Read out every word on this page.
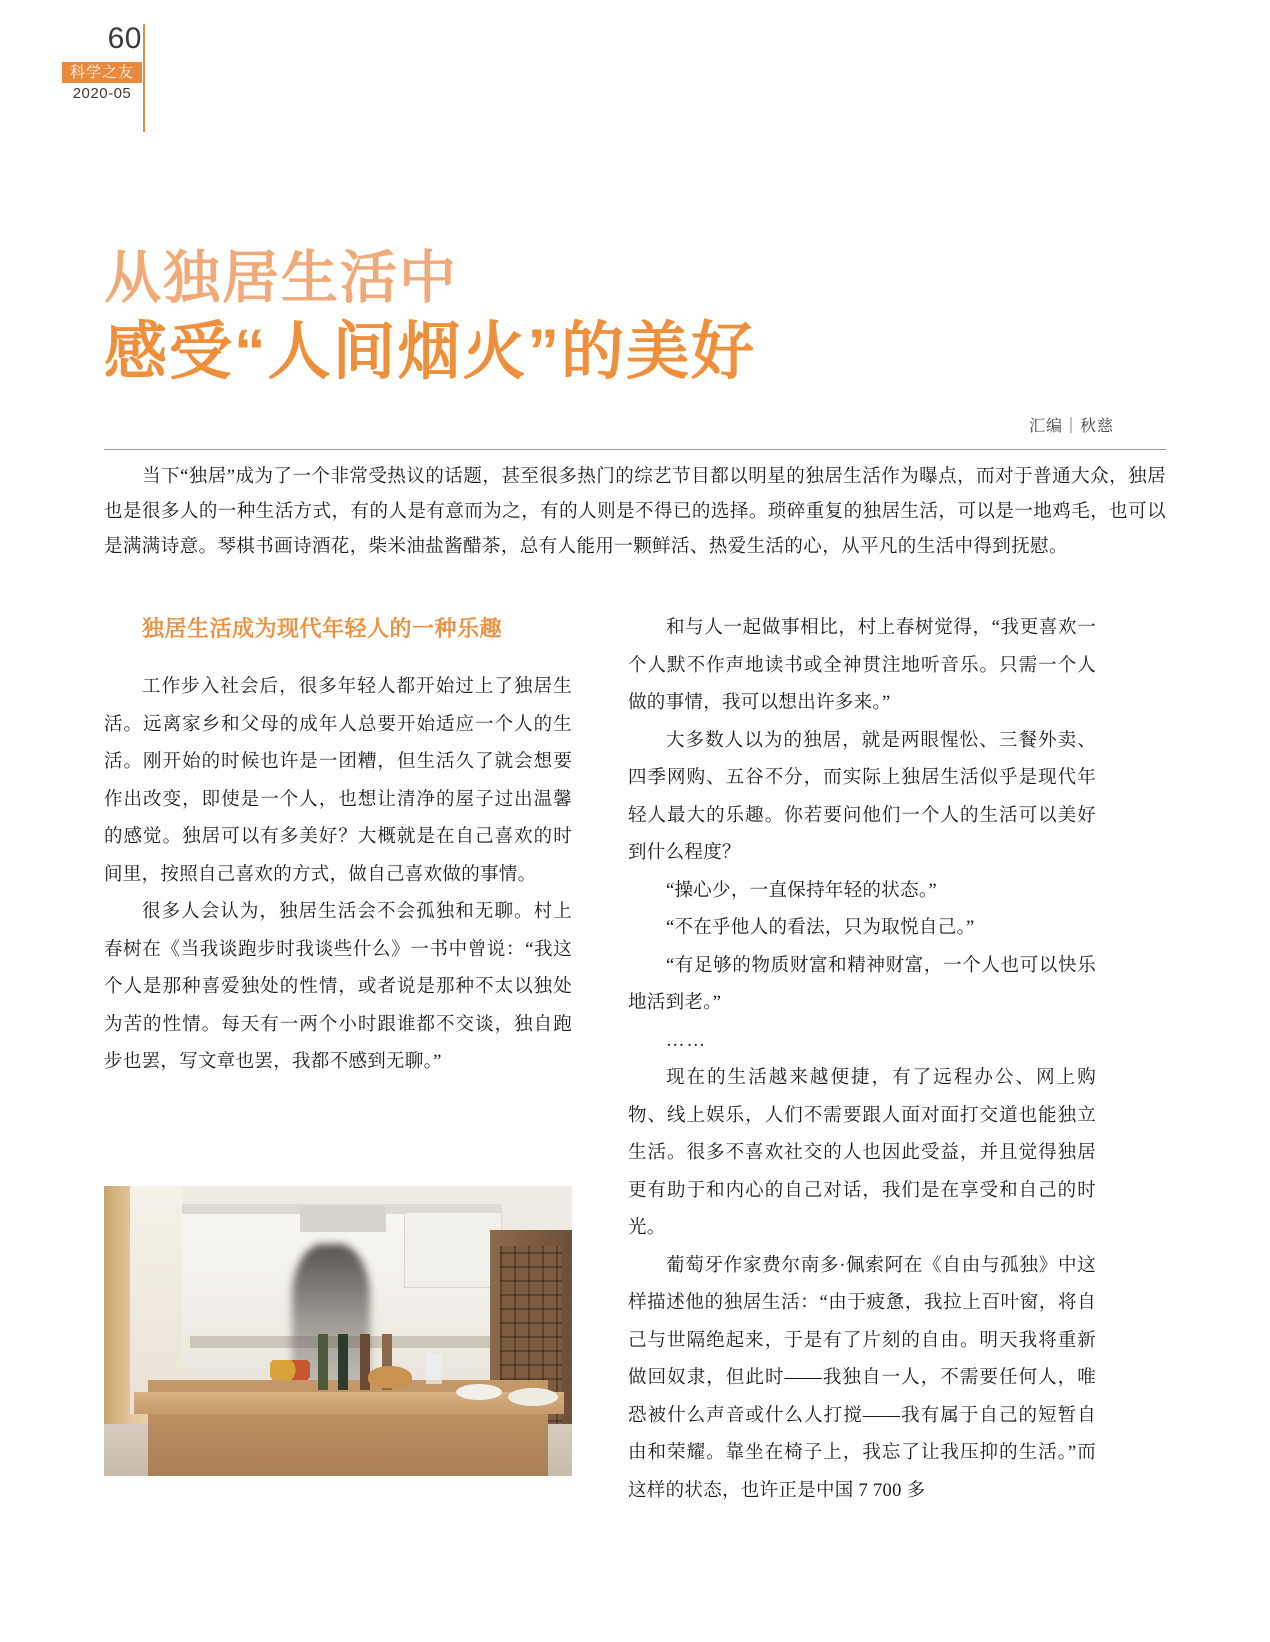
60
科学之友
2020-05
从独居生活中
感受“人间烟火”的美好
汇编｜秋慈
当下“独居”成为了一个非常受热议的话题，甚至很多热门的综艺节目都以明星的独居生活作为曝点，而对于普通大众，独居也是很多人的一种生活方式，有的人是有意而为之，有的人则是不得已的选择。琐碎重复的独居生活，可以是一地鸡毛，也可以是满满诗意。琴棋书画诗酒花，柴米油盐酱醋茶，总有人能用一颗鲜活、热爱生活的心，从平凡的生活中得到抚慰。
独居生活成为现代年轻人的一种乐趣

工作步入社会后，很多年轻人都开始过上了独居生活。远离家乡和父母的成年人总要开始适应一个人的生活。刚开始的时候也许是一团糟，但生活久了就会想要作出改变，即使是一个人，也想让清净的屋子过出温馨的感觉。独居可以有多美好？大概就是在自己喜欢的时间里，按照自己喜欢的方式，做自己喜欢做的事情。

很多人会认为，独居生活会不会孤独和无聊。村上春树在《当我谈跑步时我谈些什么》一书中曾说：“我这个人是那种喜爱独处的性情，或者说是那种不太以独处为苦的性情。每天有一两个小时跟谁都不交谈，独自跑步也罢，写文章也罢，我都不感到无聊。”

和与人一起做事相比，村上春树觉得，“我更喜欢一个人默不作声地读书或全神贯注地听音乐。只需一个人做的事情，我可以想出许多来。”

大多数人以为的独居，就是两眼惺忪、三餐外卖、四季网购、五谷不分，而实际上独居生活似乎是现代年轻人最大的乐趣。你若要问他们一个人的生活可以美好到什么程度？

“操心少，一直保持年轻的状态。”

“不在乎他人的看法，只为取悦自己。”

“有足够的物质财富和精神财富，一个人也可以快乐地活到老。”

……

现在的生活越来越便捷，有了远程办公、网上购物、线上娱乐，人们不需要跟人面对面打交道也能独立生活。很多不喜欢社交的人也因此受益，并且觉得独居更有助于和内心的自己对话，我们是在享受和自己的时光。

葡萄牙作家费尔南多·佩索阿在《自由与孤独》中这样描述他的独居生活：“由于疲惫，我拉上百叶窗，将自己与世隔绝起来，于是有了片刻的自由。明天我将重新做回奴隶，但此时——我独自一人，不需要任何人，唯恐被什么声音或什么人打搅——我有属于自己的短暂自由和荣耀。靠坐在椅子上，我忘了让我压抑的生活。”而这样的状态，也许正是中国 7 700 多
